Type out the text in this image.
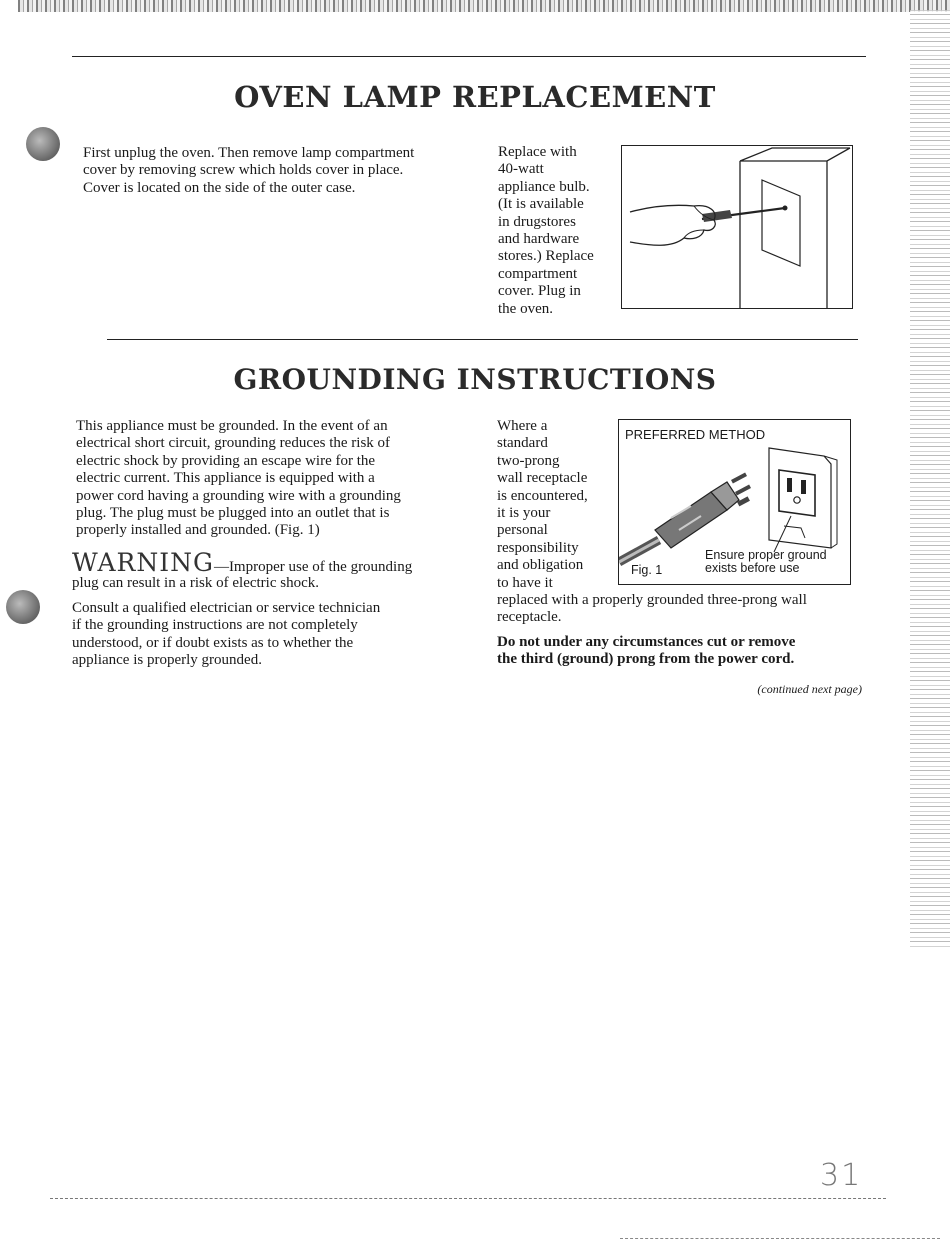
OVEN LAMP REPLACEMENT
First unplug the oven. Then remove lamp compartment cover by removing screw which holds cover in place. Cover is located on the side of the outer case.
Replace with
40-watt
appliance bulb.
(It is available
in drugstores
and hardware
stores.) Replace
compartment
cover. Plug in
the oven.
GROUNDING INSTRUCTIONS
This appliance must be grounded. In the event of an
electrical short circuit, grounding reduces the risk of
electric shock by providing an escape wire for the
electric current. This appliance is equipped with a
power cord having a grounding wire with a grounding
plug. The plug must be plugged into an outlet that is
properly installed and grounded. (Fig. 1)
WARNING—Improper use of the grounding
plug can result in a risk of electric shock.
Consult a qualified electrician or service technician
if the grounding instructions are not completely
understood, or if doubt exists as to whether the
appliance is properly grounded.
Where a
standard
two-prong
wall receptacle
is encountered,
it is your
personal
responsibility
and obligation
to have it
PREFERRED METHOD
Fig. 1
Ensure proper ground
exists before use
replaced with a properly grounded three-prong wall
receptacle.
Do not under any circumstances cut or remove
the third (ground) prong from the power cord.
(continued next page)
31
